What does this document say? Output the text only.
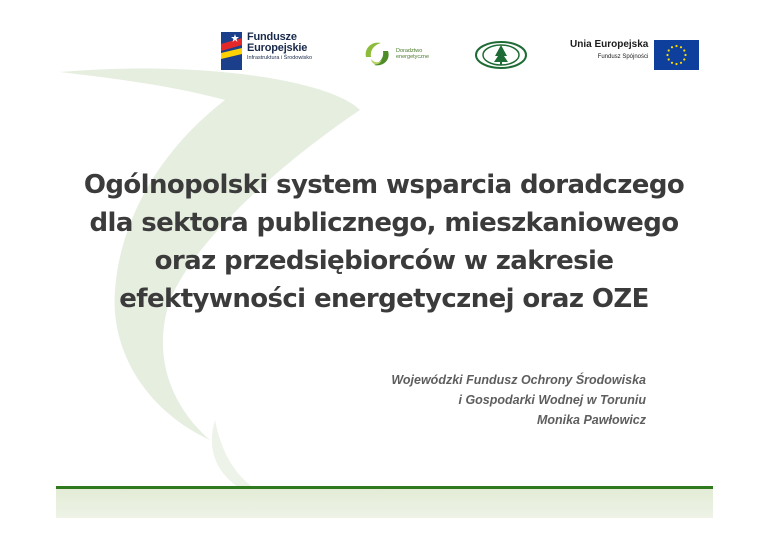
Fundusze
Europejskie
Infrastruktura i Środowisko
Doradztwo
energetyczne
Unia Europejska
Fundusz Spójności
Ogólnopolski system wsparcia doradczego
dla sektora publicznego, mieszkaniowego
oraz przedsiębiorców w zakresie
efektywności energetycznej oraz OZE
Wojewódzki Fundusz Ochrony Środowiska
i Gospodarki Wodnej w Toruniu
Monika Pawłowicz
